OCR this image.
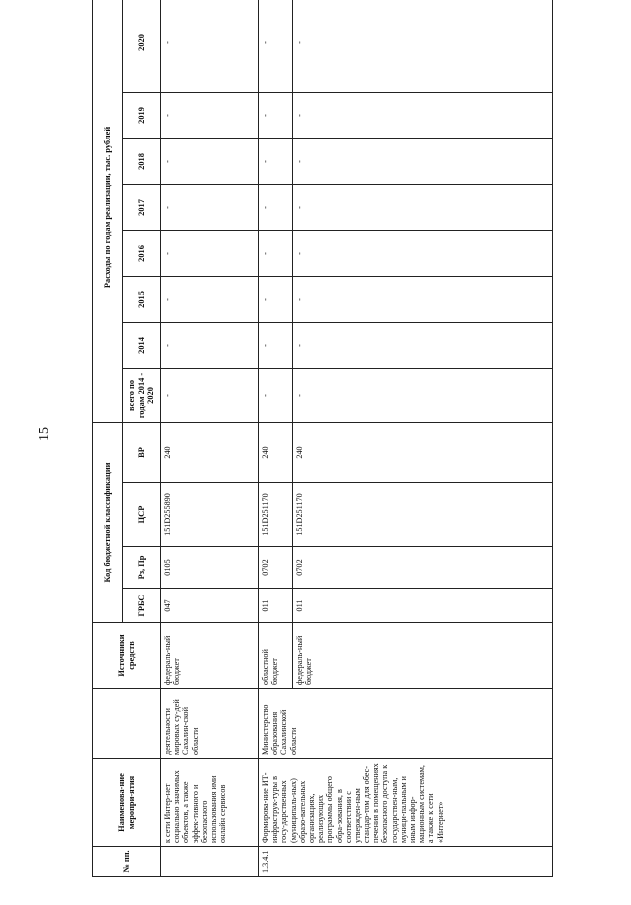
15
№ пп.	Наименова-ние меропри-ятия		Источники средств	Код бюджетной классификации				Расходы по годам реализации, тыс. рублей							
				ГРБС	Рз, Пр	ЦСР	ВР	всего по годам 2014 - 2020	2014	2015	2016	2017	2018	2019	2020
	к сети Интер-нет социально значимых объектов, а также эффек-тивного и безопасного использования ими онлайн сервисов	деятельности мировых су-дей Сахалин-ской области	федераль-ный бюджет	047	0105	151D255890	240	-	-	-	-	-	-	-	-
1.3.4.1	Формирова-ние ИТ-инфраструк-туры в госу-дарственных (муниципаль-ных) образо-вательных организациях, реализующих программы общего обра-зования, в соответствии с утвержден-ным стандар-том для обес-печения в помещениях безопасного доступа к государствен-ным, муници-пальным и иным инфор-мационным системам, а также к сети «Интернет»	Министерство образования Сахалинской области	областной бюджет	011	0702	151D251170	240	-	-	-	-	-	-	-	-
			федераль-ный бюджет	011	0702	151D251170	240	-	-	-	-	-	-	-	-
